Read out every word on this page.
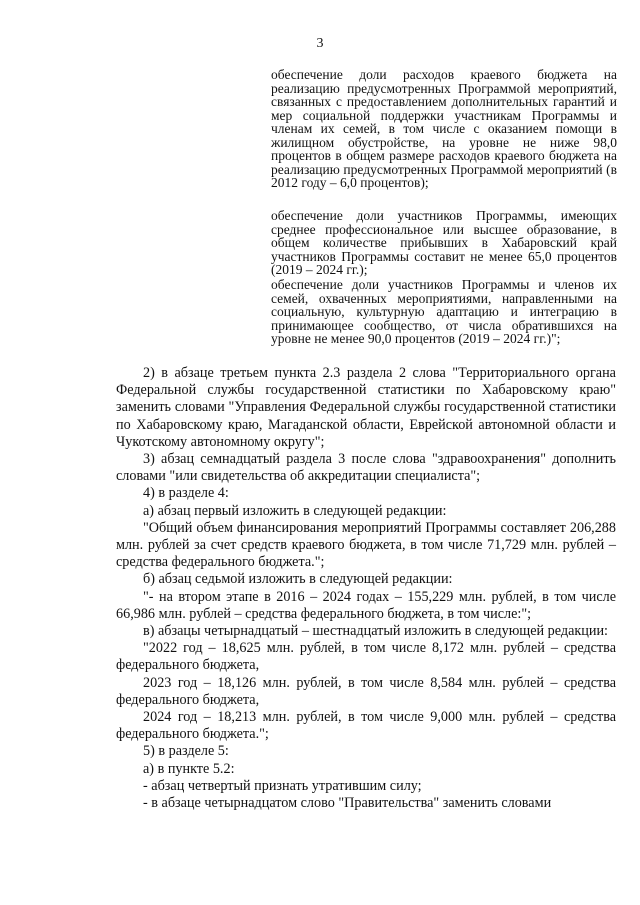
3

обеспечение доли расходов краевого бюджета на реализацию предусмотренных Программой мероприятий, связанных с предоставлением дополнительных гарантий и мер социальной поддержки участникам Программы и членам их семей, в том числе с оказанием помощи в жилищном обустройстве, на уровне не ниже 98,0 процентов в общем размере расходов краевого бюджета на реализацию предусмотренных Программой мероприятий (в 2012 году – 6,0 процентов);

обеспечение доли участников Программы, имеющих среднее профессиональное или высшее образование, в общем количестве прибывших в Хабаровский край участников Программы составит не менее 65,0 процентов (2019 – 2024 гг.);

обеспечение доли участников Программы и членов их семей, охваченных мероприятиями, направленными на социальную, культурную адаптацию и интеграцию в принимающее сообщество, от числа обратившихся на уровне не менее 90,0 процентов (2019 – 2024 гг.)";

2) в абзаце третьем пункта 2.3 раздела 2 слова "Территориального органа Федеральной службы государственной статистики по Хабаровскому краю" заменить словами "Управления Федеральной службы государственной статистики по Хабаровскому краю, Магаданской области, Еврейской автономной области и Чукотскому автономному округу";

3) абзац семнадцатый раздела 3 после слова "здравоохранения" дополнить словами "или свидетельства об аккредитации специалиста";

4) в разделе 4:

а) абзац первый изложить в следующей редакции:

"Общий объем финансирования мероприятий Программы составляет 206,288 млн. рублей за счет средств краевого бюджета, в том числе 71,729 млн. рублей – средства федерального бюджета.";

б) абзац седьмой изложить в следующей редакции:

"- на втором этапе в 2016 – 2024 годах – 155,229 млн. рублей, в том числе 66,986 млн. рублей – средства федерального бюджета, в том числе:";

в) абзацы четырнадцатый – шестнадцатый изложить в следующей редакции:

"2022 год – 18,625 млн. рублей, в том числе 8,172 млн. рублей – средства федерального бюджета,

2023 год – 18,126 млн. рублей, в том числе 8,584 млн. рублей – средства федерального бюджета,

2024 год – 18,213 млн. рублей, в том числе 9,000 млн. рублей – средства федерального бюджета.";

5) в разделе 5:

а) в пункте 5.2:

- абзац четвертый признать утратившим силу;

- в абзаце четырнадцатом слово "Правительства" заменить словами
